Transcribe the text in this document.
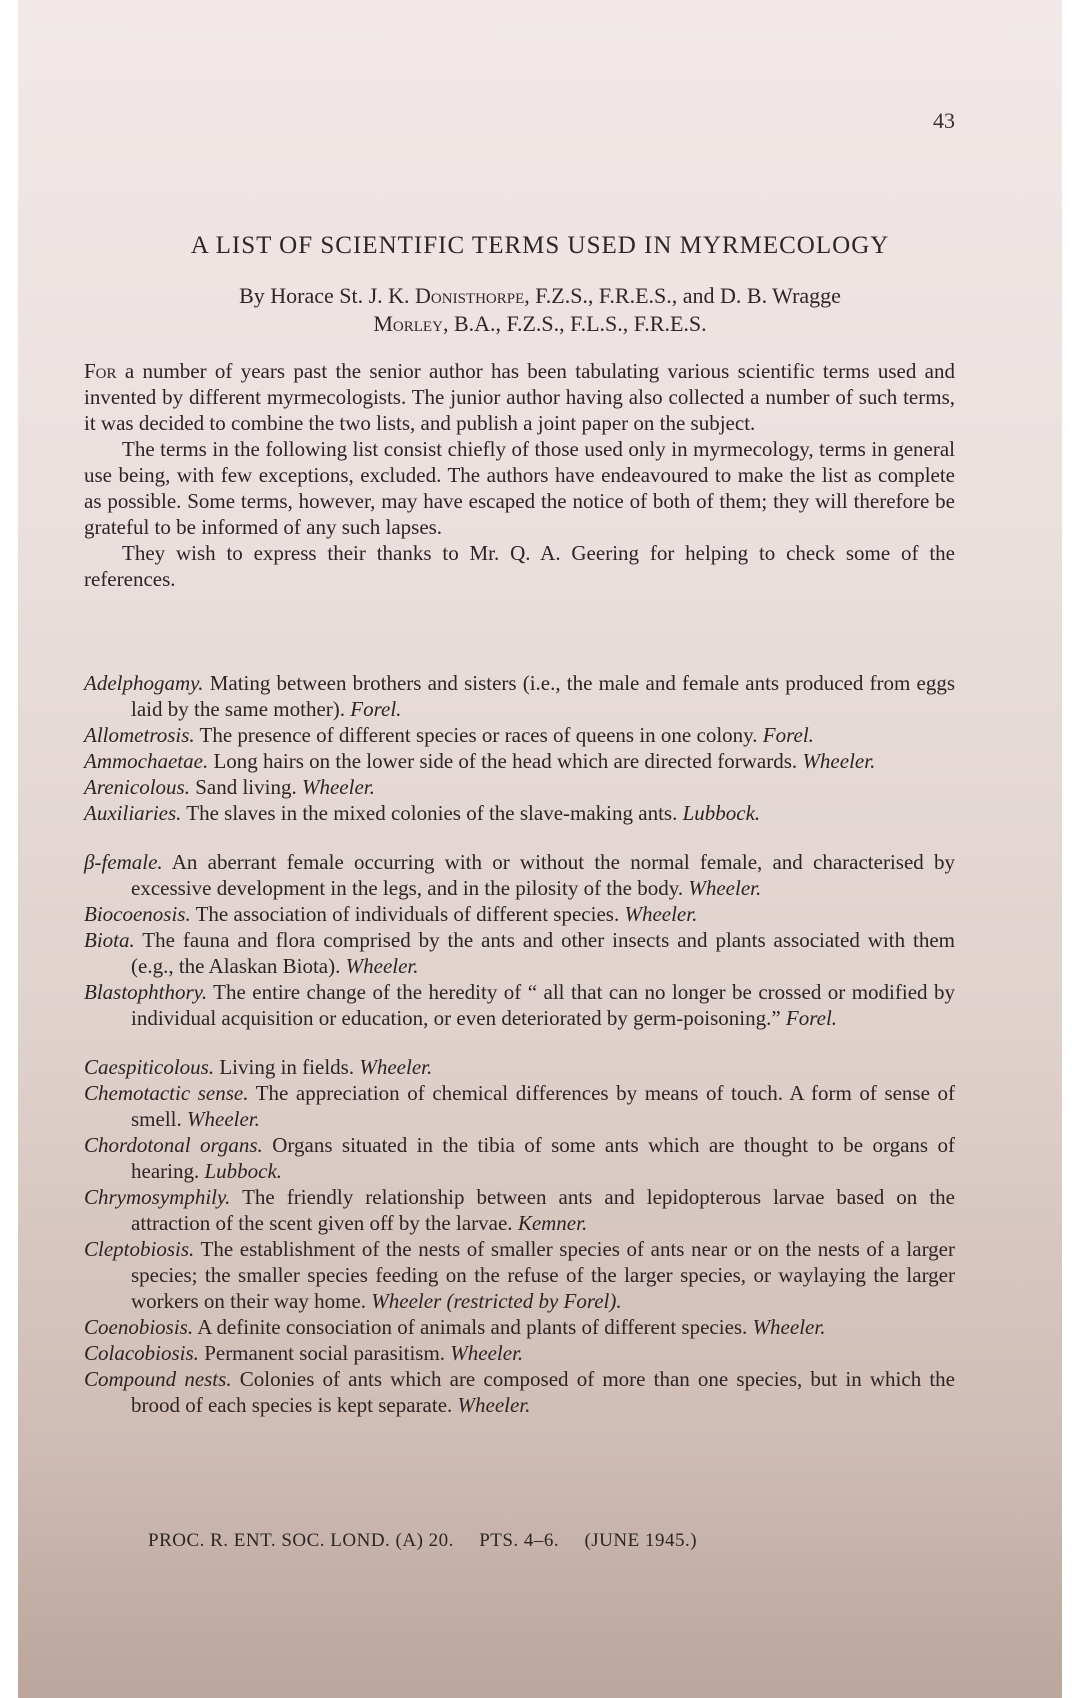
43
A LIST OF SCIENTIFIC TERMS USED IN MYRMECOLOGY
By Horace St. J. K. Donisthorpe, F.Z.S., F.R.E.S., and D. B. Wragge
Morley, B.A., F.Z.S., F.L.S., F.R.E.S.

For a number of years past the senior author has been tabulating various scientific terms used and invented by different myrmecologists. The junior author having also collected a number of such terms, it was decided to combine the two lists, and publish a joint paper on the subject.

The terms in the following list consist chiefly of those used only in myrmecology, terms in general use being, with few exceptions, excluded. The authors have endeavoured to make the list as complete as possible. Some terms, however, may have escaped the notice of both of them; they will therefore be grateful to be informed of any such lapses.

They wish to express their thanks to Mr. Q. A. Geering for helping to check some of the references.

Adelphogamy. Mating between brothers and sisters (i.e., the male and female ants produced from eggs laid by the same mother). Forel.

Allometrosis. The presence of different species or races of queens in one colony. Forel.

Ammochaetae. Long hairs on the lower side of the head which are directed forwards. Wheeler.

Arenicolous. Sand living. Wheeler.

Auxiliaries. The slaves in the mixed colonies of the slave-making ants. Lubbock.

β-female. An aberrant female occurring with or without the normal female, and characterised by excessive development in the legs, and in the pilosity of the body. Wheeler.

Biocoenosis. The association of individuals of different species. Wheeler.

Biota. The fauna and flora comprised by the ants and other insects and plants associated with them (e.g., the Alaskan Biota). Wheeler.

Blastophthory. The entire change of the heredity of “ all that can no longer be crossed or modified by individual acquisition or education, or even deteriorated by germ-poisoning.” Forel.

Caespiticolous. Living in fields. Wheeler.

Chemotactic sense. The appreciation of chemical differences by means of touch. A form of sense of smell. Wheeler.

Chordotonal organs. Organs situated in the tibia of some ants which are thought to be organs of hearing. Lubbock.

Chrymosymphily. The friendly relationship between ants and lepidopterous larvae based on the attraction of the scent given off by the larvae. Kemner.

Cleptobiosis. The establishment of the nests of smaller species of ants near or on the nests of a larger species; the smaller species feeding on the refuse of the larger species, or waylaying the larger workers on their way home. Wheeler (restricted by Forel).

Coenobiosis. A definite consociation of animals and plants of different species. Wheeler.

Colacobiosis. Permanent social parasitism. Wheeler.

Compound nests. Colonies of ants which are composed of more than one species, but in which the brood of each species is kept separate. Wheeler.

PROC. R. ENT. SOC. LOND. (A) 20. PTS. 4–6. (JUNE 1945.)
